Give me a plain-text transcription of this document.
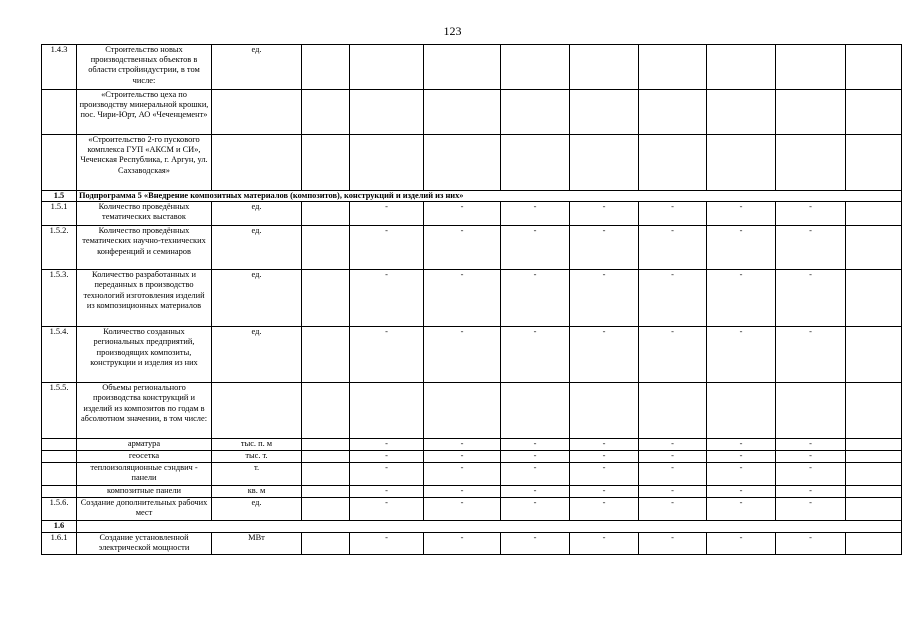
123
1.4.3	Строительство новых производственных объектов в области стройиндустрии, в том числе:	ед.									
	«Строительство цеха по производству минеральной крошки, пос. Чири-Юрт, АО «Чеченцемент»										
	«Строительство 2-го пускового комплекса ГУП «АКСМ и СИ», Чеченская Республика, г. Аргун, ул. Сахзаводская»										
1.5	Подпрограмма 5 «Внедрение композитных материалов (композитов), конструкций и изделий из них»										
1.5.1	Количество проведённых тематических выставок	ед.		-	-	-	-	-	-	-	
1.5.2.	Количество проведённых тематических научно-технических конференций и семинаров	ед.		-	-	-	-	-	-	-	
1.5.3.	Количество разработанных и переданных в производство технологий изготовления изделий из композиционных материалов	ед.		-	-	-	-	-	-	-	
1.5.4.	Количество созданных региональных предприятий, производящих композиты, конструкции и изделия из них	ед.		-	-	-	-	-	-	-	
1.5.5.	Объемы регионального производства конструкций и изделий из композитов по годам в абсолютном значении, в том числе:										
	арматура	тыс. п. м		-	-	-	-	-	-	-	
	геосетка	тыс. т.		-	-	-	-	-	-	-	
	теплоизоляционные сэндвич - панели	т.		-	-	-	-	-	-	-	
	композитные панели	кв. м		-	-	-	-	-	-	-	
1.5.6.	Создание дополнительных рабочих мест	ед.		-	-	-	-	-	-	-	
1.6											
1.6.1	Создание установленной электрической мощности	МВт		-	-	-	-	-	-	-	
